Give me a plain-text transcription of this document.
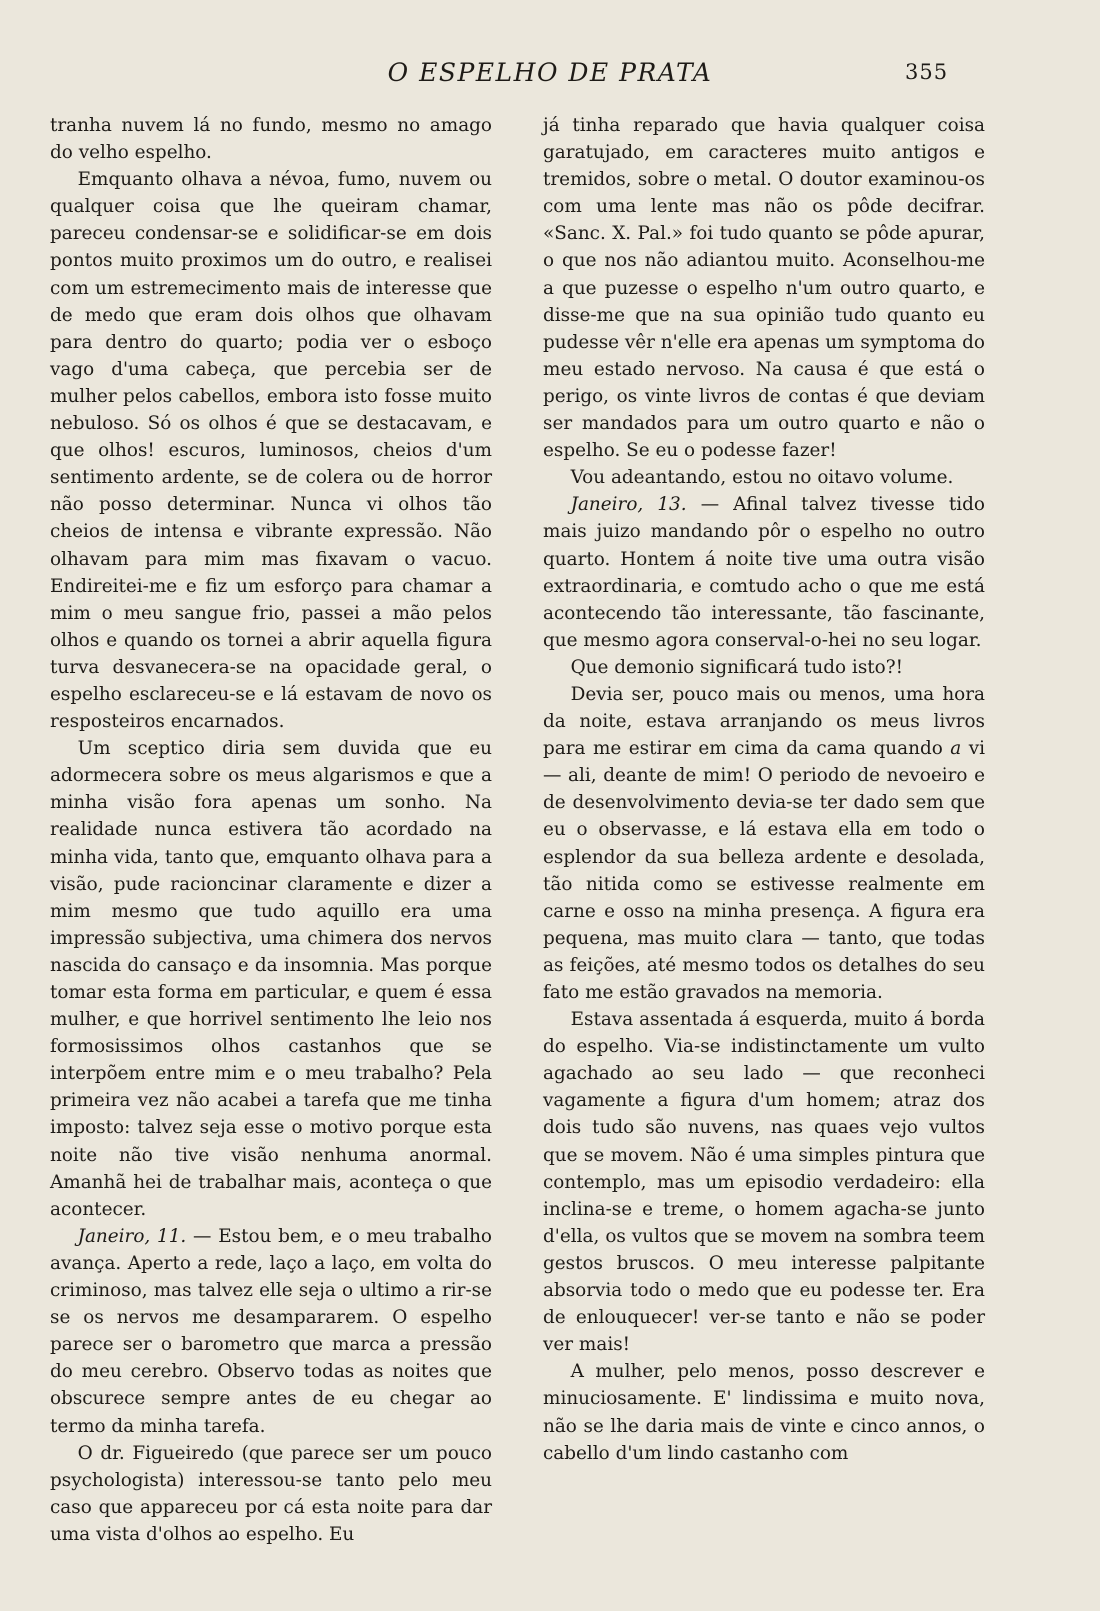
O ESPELHO DE PRATA	355

tranha nuvem lá no fundo, mesmo no amago do velho espelho.

Emquanto olhava a névoa, fumo, nuvem ou qualquer coisa que lhe queiram chamar, pareceu condensar-se e solidificar-se em dois pontos muito proximos um do outro, e realisei com um estremecimento mais de interesse que de medo que eram dois olhos que olhavam para dentro do quarto; podia ver o esboço vago d'uma cabeça, que percebia ser de mulher pelos cabellos, embora isto fosse muito nebuloso. Só os olhos é que se destacavam, e que olhos! escuros, luminosos, cheios d'um sentimento ardente, se de colera ou de horror não posso determinar. Nunca vi olhos tão cheios de intensa e vibrante expressão. Não olhavam para mim mas fixavam o vacuo. Endireitei-me e fiz um esforço para chamar a mim o meu sangue frio, passei a mão pelos olhos e quando os tornei a abrir aquella figura turva desvanecera-se na opacidade geral, o espelho esclareceu-se e lá estavam de novo os resposteiros encarnados.

Um sceptico diria sem duvida que eu adormecera sobre os meus algarismos e que a minha visão fora apenas um sonho. Na realidade nunca estivera tão acordado na minha vida, tanto que, emquanto olhava para a visão, pude racioncinar claramente e dizer a mim mesmo que tudo aquillo era uma impressão subjectiva, uma chimera dos nervos nascida do cansaço e da insomnia. Mas porque tomar esta forma em particular, e quem é essa mulher, e que horrivel sentimento lhe leio nos formosissimos olhos castanhos que se interpõem entre mim e o meu trabalho? Pela primeira vez não acabei a tarefa que me tinha imposto: talvez seja esse o motivo porque esta noite não tive visão nenhuma anormal. Amanhã hei de trabalhar mais, aconteça o que acontecer.

Janeiro, 11. — Estou bem, e o meu trabalho avança. Aperto a rede, laço a laço, em volta do criminoso, mas talvez elle seja o ultimo a rir-se se os nervos me desampararem. O espelho parece ser o barometro que marca a pressão do meu cerebro. Observo todas as noites que obscurece sempre antes de eu chegar ao termo da minha tarefa.

O dr. Figueiredo (que parece ser um pouco psychologista) interessou-se tanto pelo meu caso que appareceu por cá esta noite para dar uma vista d'olhos ao espelho. Eu

já tinha reparado que havia qualquer coisa garatujado, em caracteres muito antigos e tremidos, sobre o metal. O doutor examinou-os com uma lente mas não os pôde decifrar. «Sanc. X. Pal.» foi tudo quanto se pôde apurar, o que nos não adiantou muito. Aconselhou-me a que puzesse o espelho n'um outro quarto, e disse-me que na sua opinião tudo quanto eu pudesse vêr n'elle era apenas um symptoma do meu estado nervoso. Na causa é que está o perigo, os vinte livros de contas é que deviam ser mandados para um outro quarto e não o espelho. Se eu o podesse fazer!

Vou adeantando, estou no oitavo volume.

Janeiro, 13. — Afinal talvez tivesse tido mais juizo mandando pôr o espelho no outro quarto. Hontem á noite tive uma outra visão extraordinaria, e comtudo acho o que me está acontecendo tão interessante, tão fascinante, que mesmo agora conserval-o-hei no seu logar.

Que demonio significará tudo isto?!

Devia ser, pouco mais ou menos, uma hora da noite, estava arranjando os meus livros para me estirar em cima da cama quando a vi — ali, deante de mim! O periodo de nevoeiro e de desenvolvimento devia-se ter dado sem que eu o observasse, e lá estava ella em todo o esplendor da sua belleza ardente e desolada, tão nitida como se estivesse realmente em carne e osso na minha presença. A figura era pequena, mas muito clara — tanto, que todas as feições, até mesmo todos os detalhes do seu fato me estão gravados na memoria.

Estava assentada á esquerda, muito á borda do espelho. Via-se indistinctamente um vulto agachado ao seu lado — que reconheci vagamente a figura d'um homem; atraz dos dois tudo são nuvens, nas quaes vejo vultos que se movem. Não é uma simples pintura que contemplo, mas um episodio verdadeiro: ella inclina-se e treme, o homem agacha-se junto d'ella, os vultos que se movem na sombra teem gestos bruscos. O meu interesse palpitante absorvia todo o medo que eu podesse ter. Era de enlouquecer! ver-se tanto e não se poder ver mais!

A mulher, pelo menos, posso descrever e minuciosamente. E' lindissima e muito nova, não se lhe daria mais de vinte e cinco annos, o cabello d'um lindo castanho com
